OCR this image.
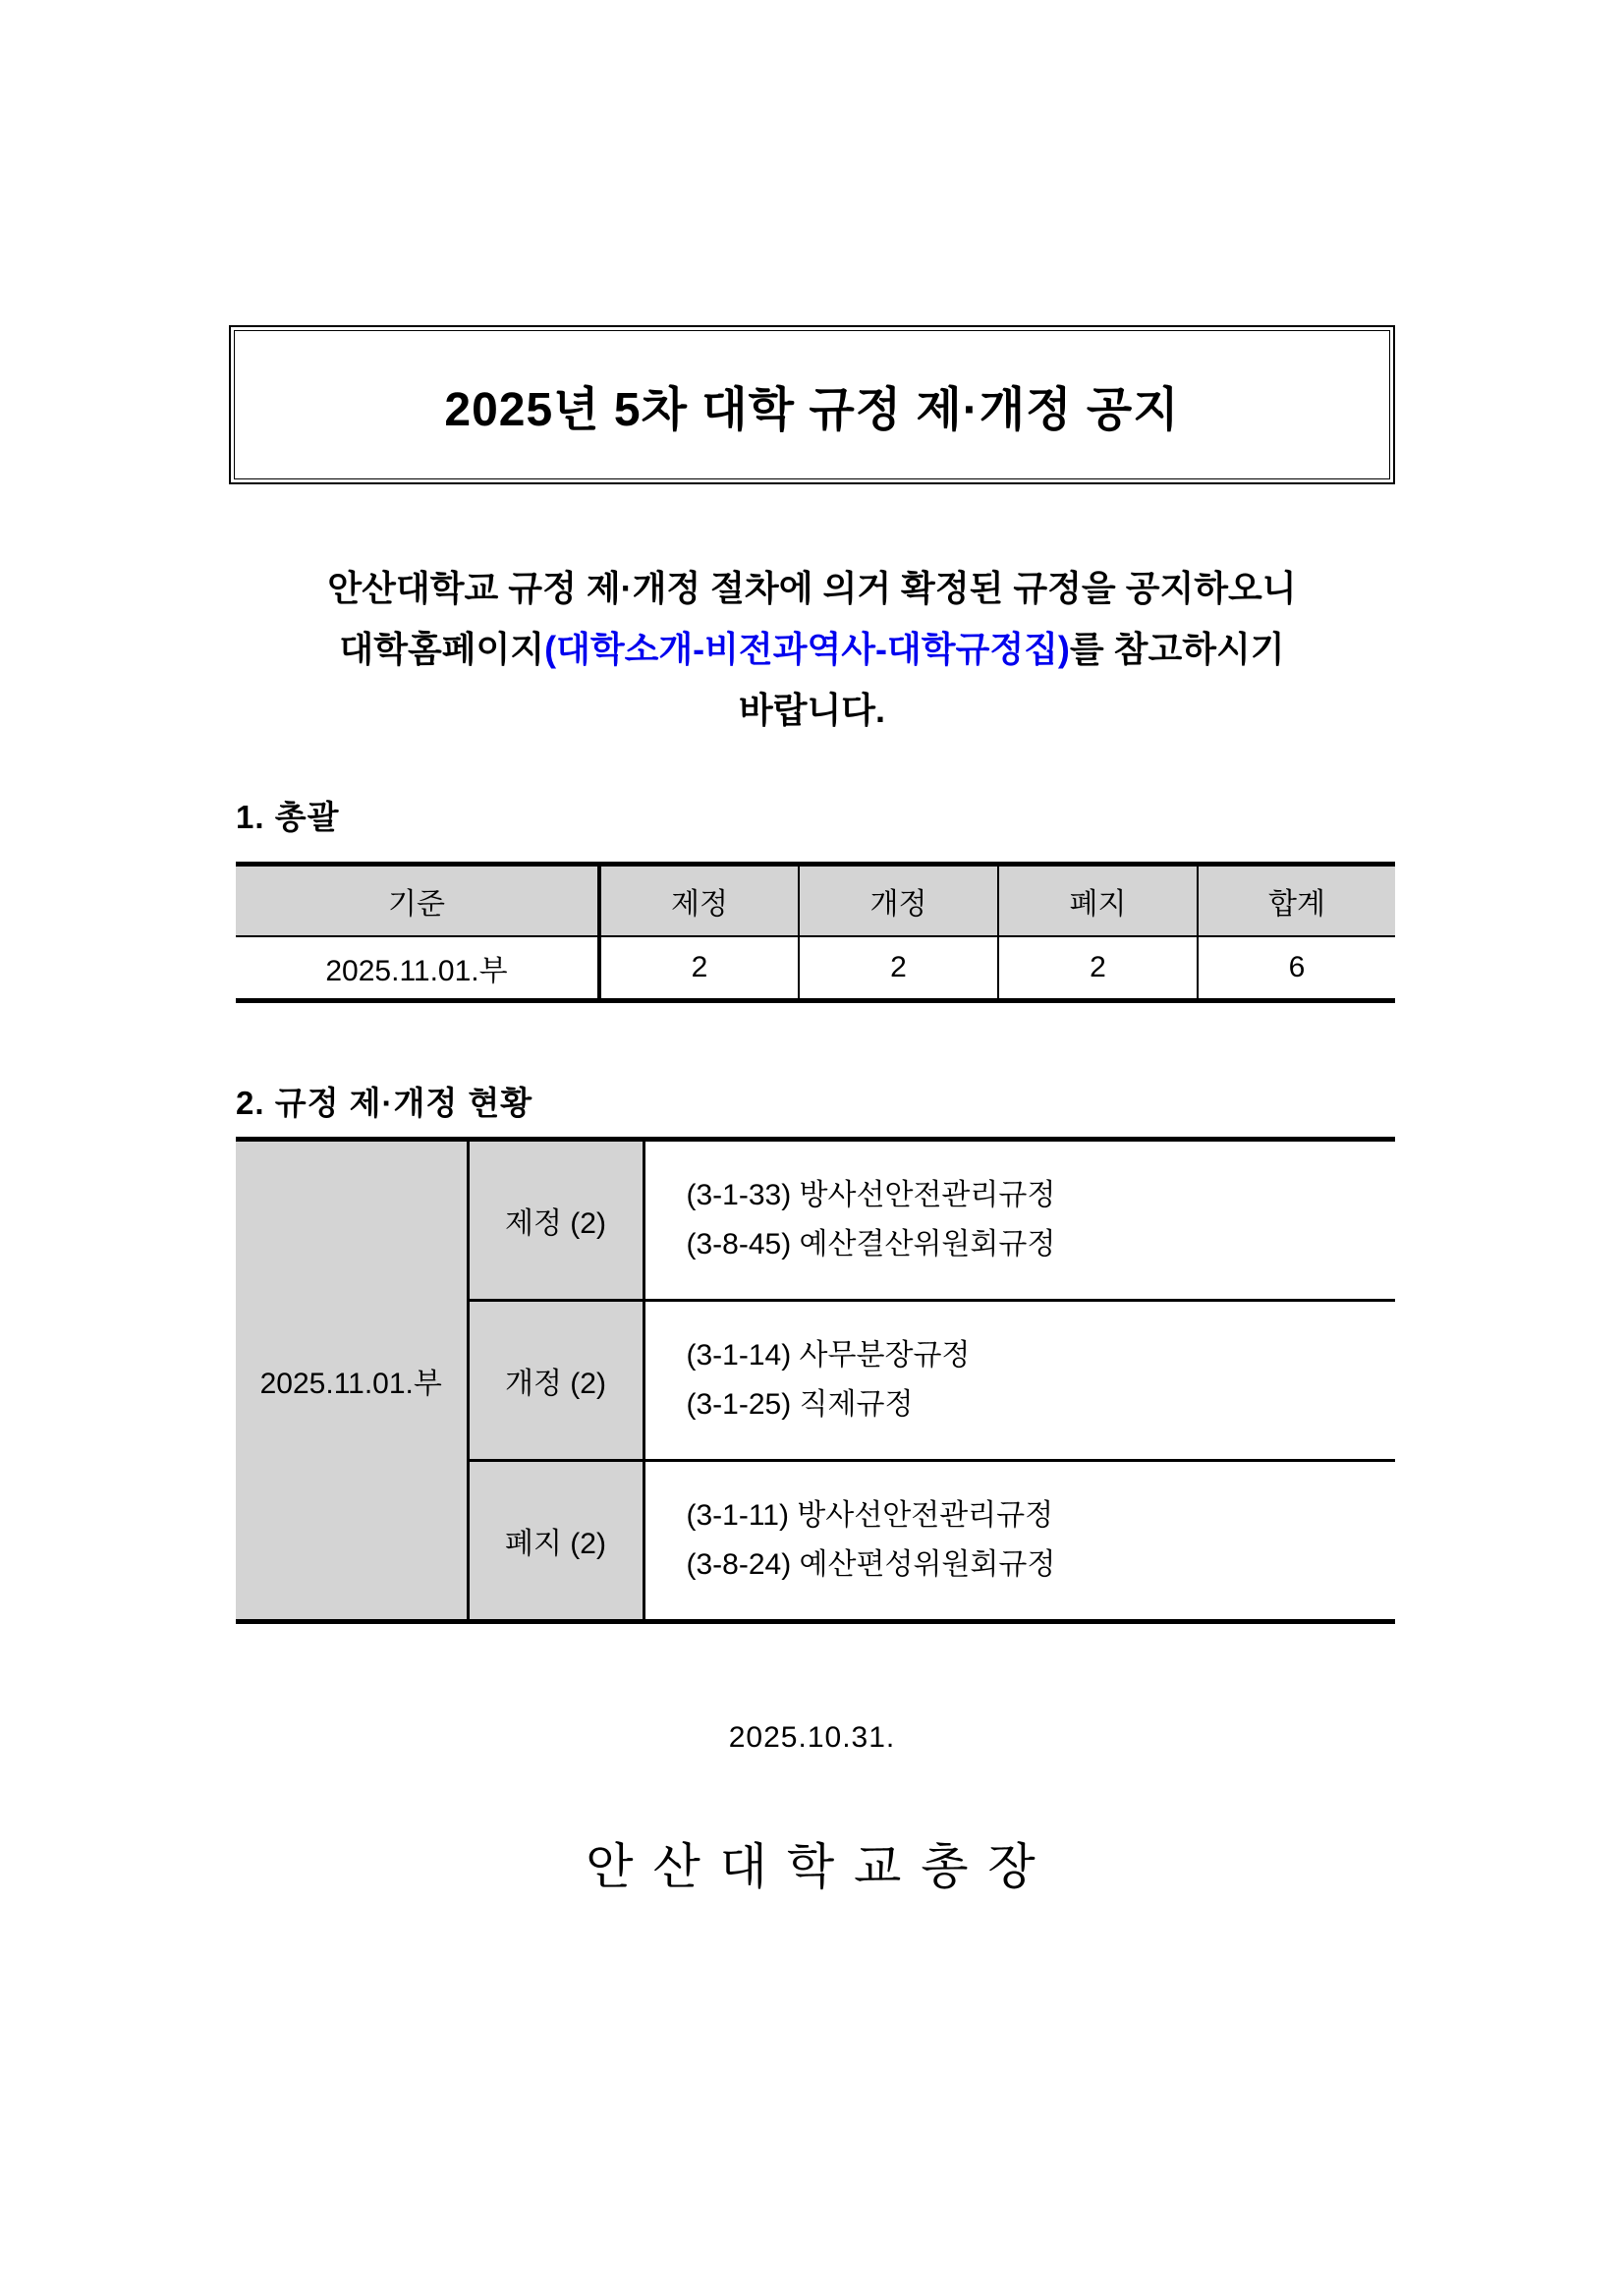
2025년 5차 대학 규정 제·개정 공지
안산대학교 규정 제·개정 절차에 의거 확정된 규정을 공지하오니
대학홈페이지(대학소개-비전과역사-대학규정집)를 참고하시기
바랍니다.
1. 총괄
기준	제정	개정	폐지	합계
2025.11.01.부	2	2	2	6
2. 규정 제·개정 현황
2025.11.01.부	제정 (2)	(3-1-33) 방사선안전관리규정
(3-8-45) 예산결산위원회규정
	개정 (2)	(3-1-14) 사무분장규정
(3-1-25) 직제규정
	폐지 (2)	(3-1-11) 방사선안전관리규정
(3-8-24) 예산편성위원회규정
2025.10.31.
안 산 대 학 교 총 장
